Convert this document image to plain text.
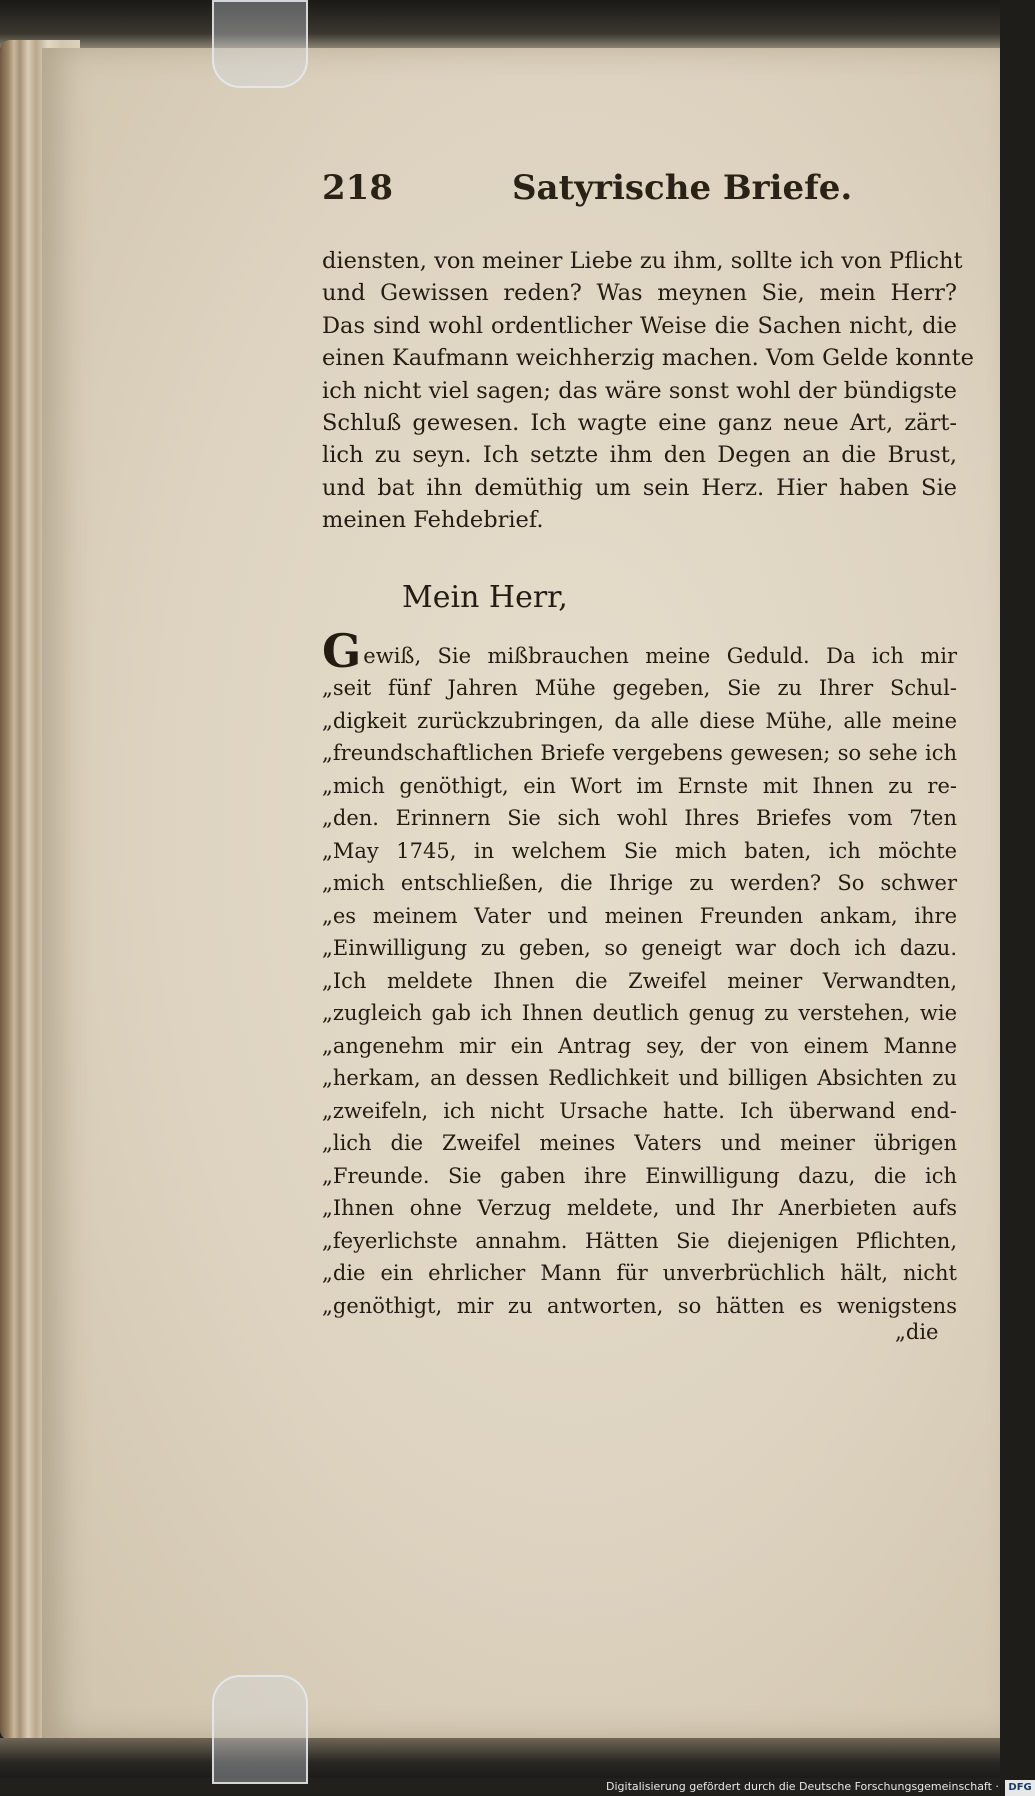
218	Satyrische Briefe.
diensten, von meiner Liebe zu ihm, sollte ich von Pflicht
und Gewissen reden? Was meynen Sie, mein Herr?
Das sind wohl ordentlicher Weise die Sachen nicht, die
einen Kaufmann weichherzig machen. Vom Gelde konnte
ich nicht viel sagen; das wäre sonst wohl der bündigste
Schluß gewesen. Ich wagte eine ganz neue Art, zärt-
lich zu seyn. Ich setzte ihm den Degen an die Brust,
und bat ihn demüthig um sein Herz. Hier haben Sie
meinen Fehdebrief.
Mein Herr,
G ewiß, Sie mißbrauchen meine Geduld. Da ich mir
„seit fünf Jahren Mühe gegeben, Sie zu Ihrer Schul-
„digkeit zurückzubringen, da alle diese Mühe, alle meine
„freundschaftlichen Briefe vergebens gewesen; so sehe ich
„mich genöthigt, ein Wort im Ernste mit Ihnen zu re-
„den. Erinnern Sie sich wohl Ihres Briefes vom 7ten
„May 1745, in welchem Sie mich baten, ich möchte
„mich entschließen, die Ihrige zu werden? So schwer
„es meinem Vater und meinen Freunden ankam, ihre
„Einwilligung zu geben, so geneigt war doch ich dazu.
„Ich meldete Ihnen die Zweifel meiner Verwandten,
„zugleich gab ich Ihnen deutlich genug zu verstehen, wie
„angenehm mir ein Antrag sey, der von einem Manne
„herkam, an dessen Redlichkeit und billigen Absichten zu
„zweifeln, ich nicht Ursache hatte. Ich überwand end-
„lich die Zweifel meines Vaters und meiner übrigen
„Freunde. Sie gaben ihre Einwilligung dazu, die ich
„Ihnen ohne Verzug meldete, und Ihr Anerbieten aufs
„feyerlichste annahm. Hätten Sie diejenigen Pflichten,
„die ein ehrlicher Mann für unverbrüchlich hält, nicht
„genöthigt, mir zu antworten, so hätten es wenigstens
„die
Digitalisierung gefördert durch die Deutsche Forschungsgemeinschaft · DFG
